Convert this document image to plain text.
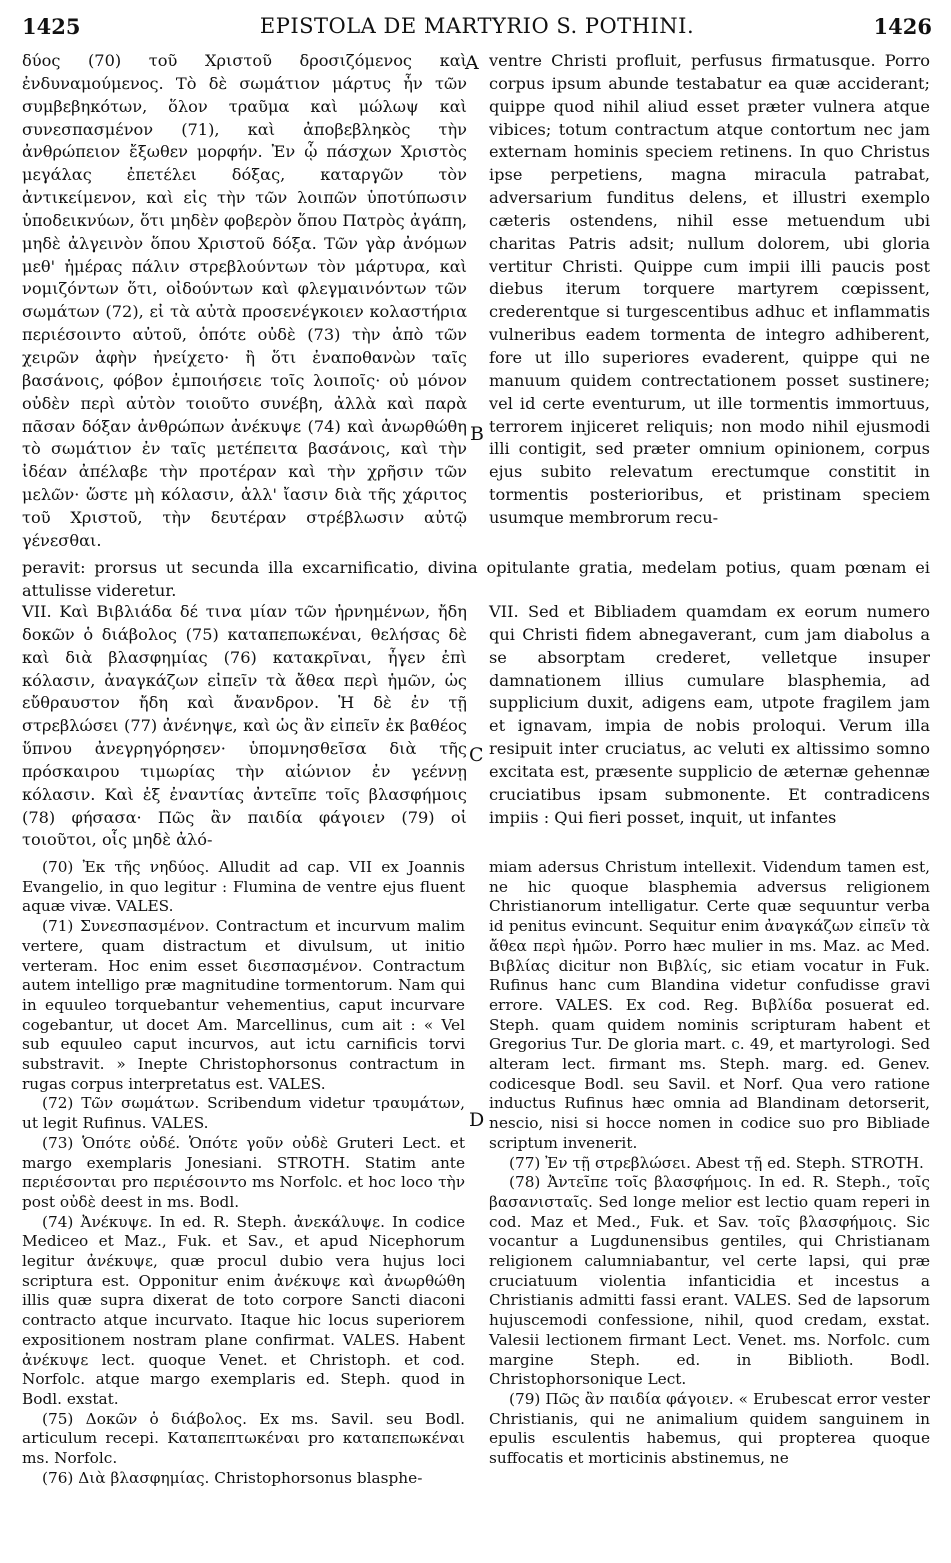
1425	EPISTOLA DE MARTYRIO S. POTHINI.	1426
A
B
C
D

δύος (70) τοῦ Χριστοῦ δροσιζόμενος καὶ ἐνδυναμούμενος. Τὸ δὲ σωμάτιον μάρτυς ἦν τῶν συμβεβηκότων, ὅλον τραῦμα καὶ μώλωψ καὶ συνεσπασμένον (71), καὶ ἀποβεβληκὸς τὴν ἀνθρώπειον ἔξωθεν μορφήν. Ἐν ᾧ πάσχων Χριστὸς μεγάλας ἐπετέλει δόξας, καταργῶν τὸν ἀντικείμενον, καὶ εἰς τὴν τῶν λοιπῶν ὑποτύπωσιν ὑποδεικνύων, ὅτι μηδὲν φοβερὸν ὅπου Πατρὸς ἀγάπη, μηδὲ ἀλγεινὸν ὅπου Χριστοῦ δόξα. Τῶν γὰρ ἀνόμων μεθ' ἡμέρας πάλιν στρεβλούντων τὸν μάρτυρα, καὶ νομιζόντων ὅτι, οἰδούντων καὶ φλεγμαινόντων τῶν σωμάτων (72), εἰ τὰ αὐτὰ προσενέγκοιεν κολαστήρια περιέσοιντο αὐτοῦ, ὁπότε οὐδὲ (73) τὴν ἀπὸ τῶν χειρῶν ἀφὴν ἠνείχετο· ἢ ὅτι ἐναποθανὼν ταῖς βασάνοις, φόβον ἐμποιήσειε τοῖς λοιποῖς· οὐ μόνον οὐδὲν περὶ αὐτὸν τοιοῦτο συνέβη, ἀλλὰ καὶ παρὰ πᾶσαν δόξαν ἀνθρώπων ἀνέκυψε (74) καὶ ἀνωρθώθη τὸ σωμάτιον ἐν ταῖς μετέπειτα βασάνοις, καὶ τὴν ἰδέαν ἀπέλαβε τὴν προτέραν καὶ τὴν χρῆσιν τῶν μελῶν· ὥστε μὴ κόλασιν, ἀλλ' ἴασιν διὰ τῆς χάριτος τοῦ Χριστοῦ, τὴν δευτέραν στρέβλωσιν αὐτῷ γένεσθαι.

ventre Christi profluit, perfusus firmatusque. Porro corpus ipsum abunde testabatur ea quæ acciderant; quippe quod nihil aliud esset præter vulnera atque vibices; totum contractum atque contortum nec jam externam hominis speciem retinens. In quo Christus ipse perpetiens, magna miracula patrabat, adversarium funditus delens, et illustri exemplo cæteris ostendens, nihil esse metuendum ubi charitas Patris adsit; nullum dolorem, ubi gloria vertitur Christi. Quippe cum impii illi paucis post diebus iterum torquere martyrem cœpissent, crederentque si turgescentibus adhuc et inflammatis vulneribus eadem tormenta de integro adhiberent, fore ut illo superiores evaderent, quippe qui ne manuum quidem contrectationem posset sustinere; vel id certe eventurum, ut ille tormentis immortuus, terrorem injiceret reliquis; non modo nihil ejusmodi illi contigit, sed præter omnium opinionem, corpus ejus subito relevatum erectumque constitit in tormentis posterioribus, et pristinam speciem usumque membrorum recu-

peravit: prorsus ut secunda illa excarnificatio, divina opitulante gratia, medelam potius, quam pœnam ei attulisse videretur.

VII. Καὶ Βιβλιάδα δέ τινα μίαν τῶν ἠρνημένων, ἤδη δοκῶν ὁ διάβολος (75) καταπεπωκέναι, θελήσας δὲ καὶ διὰ βλασφημίας (76) κατακρῖναι, ἦγεν ἐπὶ κόλασιν, ἀναγκάζων εἰπεῖν τὰ ἄθεα περὶ ἡμῶν, ὡς εὔθραυστον ἤδη καὶ ἄνανδρον. Ἡ δὲ ἐν τῇ στρεβλώσει (77) ἀνένηψε, καὶ ὡς ἂν εἰπεῖν ἐκ βαθέος ὕπνου ἀνεγρηγόρησεν· ὑπομνησθεῖσα διὰ τῆς πρόσκαιρου τιμωρίας τὴν αἰώνιον ἐν γεέννῃ κόλασιν. Καὶ ἐξ ἐναντίας ἀντεῖπε τοῖς βλασφήμοις (78) φήσασα· Πῶς ἂν παιδία φάγοιεν (79) οἱ τοιοῦτοι, οἷς μηδὲ ἀλό-

VII. Sed et Bibliadem quamdam ex eorum numero qui Christi fidem abnegaverant, cum jam diabolus a se absorptam crederet, velletque insuper damnationem illius cumulare blasphemia, ad supplicium duxit, adigens eam, utpote fragilem jam et ignavam, impia de nobis proloqui. Verum illa resipuit inter cruciatus, ac veluti ex altissimo somno excitata est, præsente supplicio de æternæ gehennæ cruciatibus ipsam submonente. Et contradicens impiis : Qui fieri posset, inquit, ut infantes

(70) Ἐκ τῆς νηδύος. Alludit ad cap. VII ex Joannis Evangelio, in quo legitur : Flumina de ventre ejus fluent aquæ vivæ. VALES.

(71) Συνεσπασμένον. Contractum et incurvum malim vertere, quam distractum et divulsum, ut initio verteram. Hoc enim esset διεσπασμένον. Contractum autem intelligo præ magnitudine tormentorum. Nam qui in equuleo torquebantur vehementius, caput incurvare cogebantur, ut docet Am. Marcellinus, cum ait : « Vel sub equuleo caput incurvos, aut ictu carnificis torvi substravit. » Inepte Christophorsonus contractum in rugas corpus interpretatus est. VALES.

(72) Τῶν σωμάτων. Scribendum videtur τραυμάτων, ut legit Rufinus. VALES.

(73) Ὁπότε οὐδέ. Ὁπότε γοῦν οὐδὲ Gruteri Lect. et margo exemplaris Jonesiani. STROTH. Statim ante περιέσονται pro περιέσοιντο ms Norfolc. et hoc loco τὴν post οὐδὲ deest in ms. Bodl.

(74) Ἀνέκυψε. In ed. R. Steph. ἀνεκάλυψε. In codice Mediceo et Maz., Fuk. et Sav., et apud Nicephorum legitur ἀνέκυψε, quæ procul dubio vera hujus loci scriptura est. Opponitur enim ἀνέκυψε καὶ ἀνωρθώθη illis quæ supra dixerat de toto corpore Sancti diaconi contracto atque incurvato. Itaque hic locus superiorem expositionem nostram plane confirmat. VALES. Habent ἀνέκυψε lect. quoque Venet. et Christoph. et cod. Norfolc. atque margo exemplaris ed. Steph. quod in Bodl. exstat.

(75) Δοκῶν ὁ διάβολος. Ex ms. Savil. seu Bodl. articulum recepi. Καταπεπτωκέναι pro καταπεπωκέναι ms. Norfolc.

(76) Διὰ βλασφημίας. Christophorsonus blasphe-

miam adersus Christum intellexit. Videndum tamen est, ne hic quoque blasphemia adversus religionem Christianorum intelligatur. Certe quæ sequuntur verba id penitus evincunt. Sequitur enim ἀναγκάζων εἰπεῖν τὰ ἄθεα περὶ ἡμῶν. Porro hæc mulier in ms. Maz. ac Med. Βιβλίας dicitur non Βιβλίς, sic etiam vocatur in Fuk. Rufinus hanc cum Blandina videtur confudisse gravi errore. VALES. Ex cod. Reg. Βιβλίδα posuerat ed. Steph. quam quidem nominis scripturam habent et Gregorius Tur. De gloria mart. c. 49, et martyrologi. Sed alteram lect. firmant ms. Steph. marg. ed. Genev. codicesque Bodl. seu Savil. et Norf. Qua vero ratione inductus Rufinus hæc omnia ad Blandinam detorserit, nescio, nisi si hocce nomen in codice suo pro Bibliade scriptum invenerit.

(77) Ἐν τῇ στρεβλώσει. Abest τῇ ed. Steph. STROTH.

(78) Ἀντεῖπε τοῖς βλασφήμοις. In ed. R. Steph., τοῖς βασανισταῖς. Sed longe melior est lectio quam reperi in cod. Maz et Med., Fuk. et Sav. τοῖς βλασφήμοις. Sic vocantur a Lugdunensibus gentiles, qui Christianam religionem calumniabantur, vel certe lapsi, qui præ cruciatuum violentia infanticidia et incestus a Christianis admitti fassi erant. VALES. Sed de lapsorum hujuscemodi confessione, nihil, quod credam, exstat. Valesii lectionem firmant Lect. Venet. ms. Norfolc. cum margine Steph. ed. in Biblioth. Bodl. Christophorsonique Lect.

(79) Πῶς ἂν παιδία φάγοιεν. « Erubescat error vester Christianis, qui ne animalium quidem sanguinem in epulis esculentis habemus, qui propterea quoque suffocatis et morticinis abstinemus, ne
